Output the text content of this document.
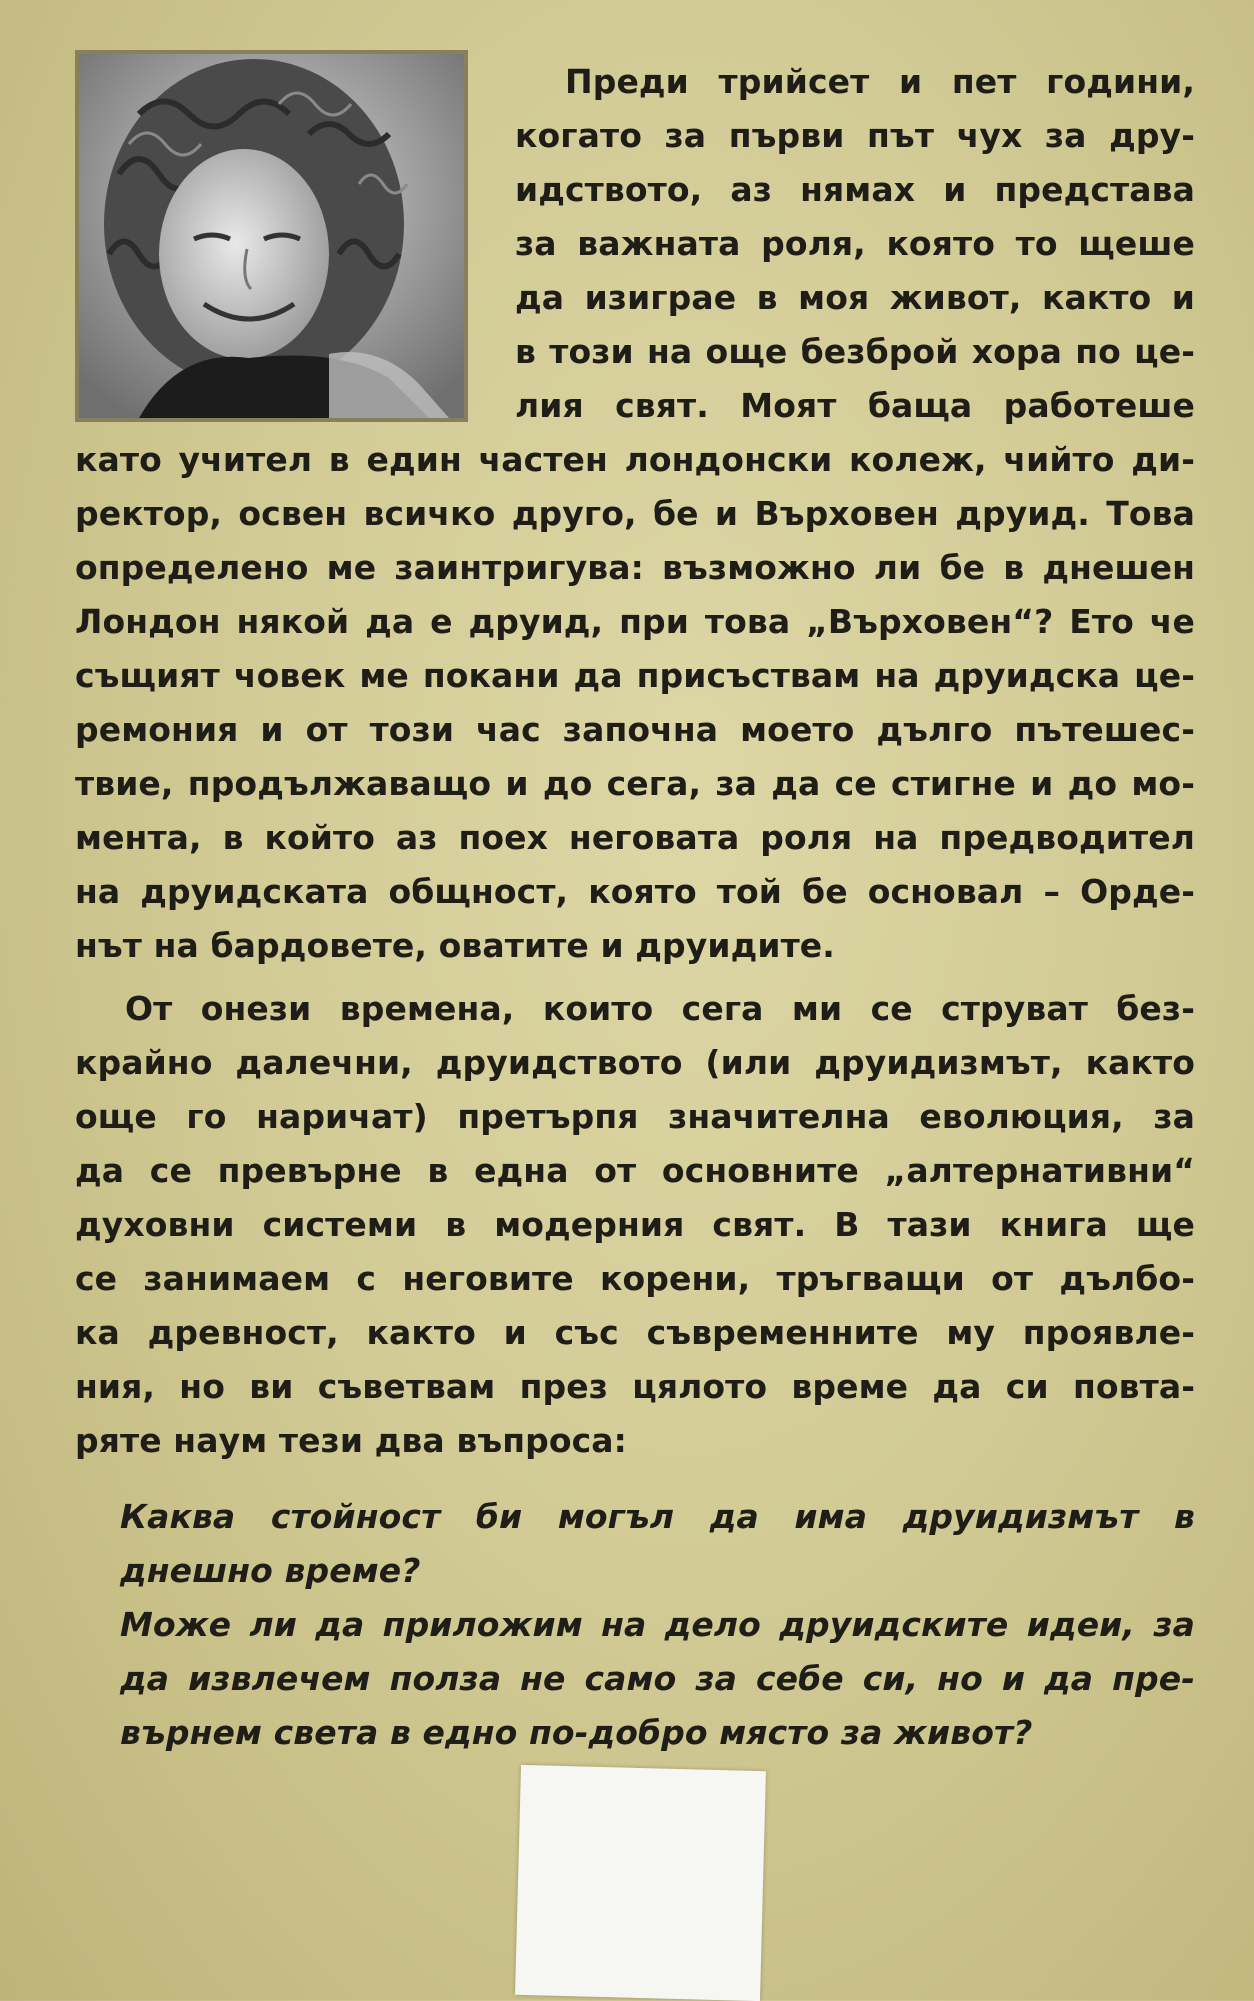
Преди трийсет и пет години,
когато за първи път чух за дру-
идството, аз нямах и представа
за важната роля, която то щеше
да изиграе в моя живот, както и
в този на още безброй хора по це-
лия свят. Моят баща работеше
като учител в един частен лондонски колеж, чийто ди-
ректор, освен всичко друго, бе и Върховен друид. Това
определено ме заинтригува: възможно ли бе в днешен
Лондон някой да е друид, при това „Върховен“? Ето че
същият човек ме покани да присъствам на друидска це-
ремония и от този час започна моето дълго пътешес-
твие, продължаващо и до сега, за да се стигне и до мо-
мента, в който аз поех неговата роля на предводител
на друидската общност, която той бе основал – Орде-
нът на бардовете, оватите и друидите.
От онези времена, които сега ми се струват без-
крайно далечни, друидството (или друидизмът, както
още го наричат) претърпя значителна еволюция, за
да се превърне в една от основните „алтернативни“
духовни системи в модерния свят. В тази книга ще
се занимаем с неговите корени, тръгващи от дълбо-
ка древност, както и със съвременните му проявле-
ния, но ви съветвам през цялото време да си повта-
ряте наум тези два въпроса:
Каква стойност би могъл да има друидизмът в
днешно време?
Може ли да приложим на дело друидските идеи, за
да извлечем полза не само за себе си, но и да пре-
върнем света в едно по-добро място за живот?
